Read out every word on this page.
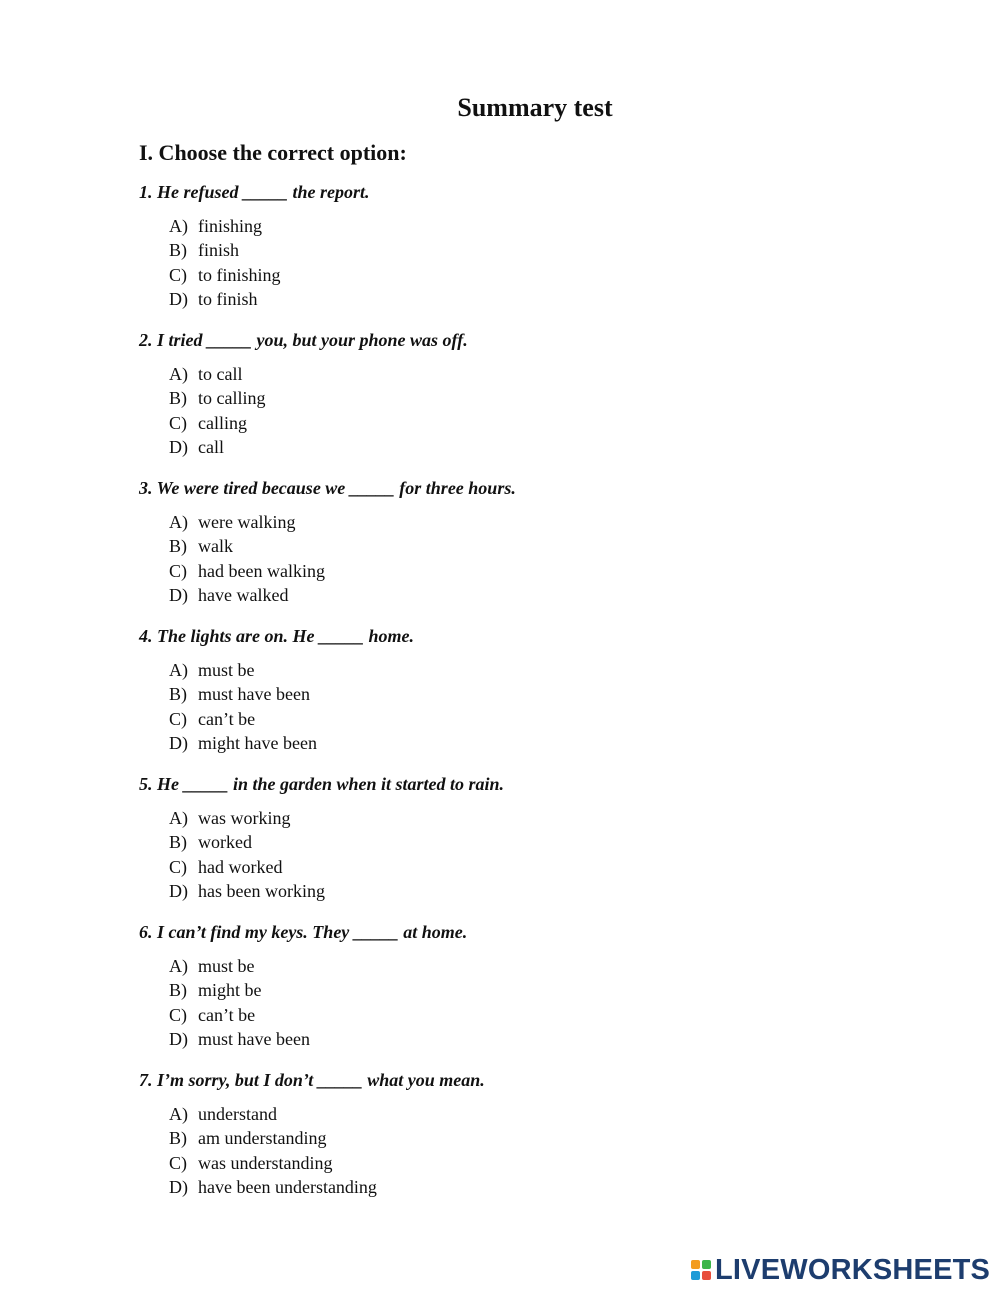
Summary test
I. Choose the correct option:
1. He refused _____ the report.
A) finishing
B) finish
C) to finishing
D) to finish
2. I tried _____ you, but your phone was off.
A) to call
B) to calling
C) calling
D) call
3. We were tired because we _____ for three hours.
A) were walking
B) walk
C) had been walking
D) have walked
4. The lights are on. He _____ home.
A) must be
B) must have been
C) can’t be
D) might have been
5. He _____ in the garden when it started to rain.
A) was working
B) worked
C) had worked
D) has been working
6. I can’t find my keys. They _____ at home.
A) must be
B) might be
C) can’t be
D) must have been
7. I’m sorry, but I don’t _____ what you mean.
A) understand
B) am understanding
C) was understanding
D) have been understanding
LIVEWORKSHEETS
